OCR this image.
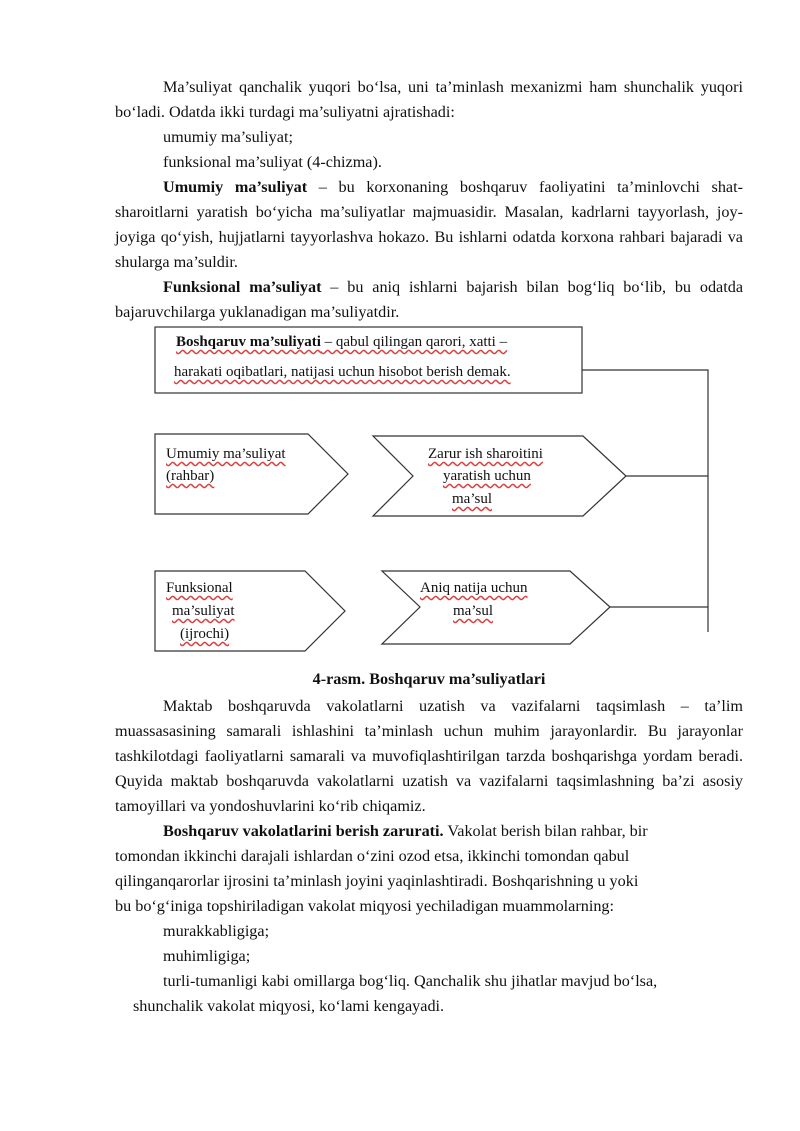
Ma’suliyat qanchalik yuqori bo‘lsa, uni ta’minlash mexanizmi ham shunchalik yuqori bo‘ladi. Odatda ikki turdagi ma’suliyatni ajratishadi:

umumiy ma’suliyat;

funksional ma’suliyat (4-chizma).

Umumiy ma’suliyat – bu korxonaning boshqaruv faoliyatini ta’minlovchi shat-sharoitlarni yaratish bo‘yicha ma’suliyatlar majmuasidir. Masalan, kadrlarni tayyorlash, joy-joyiga qo‘yish, hujjatlarni tayyorlashva hokazo. Bu ishlarni odatda korxona rahbari bajaradi va shularga ma’suldir.

Funksional ma’suliyat – bu aniq ishlarni bajarish bilan bog‘liq bo‘lib, bu odatda bajaruvchilarga yuklanadigan ma’suliyatdir.

Boshqaruv ma’suliyati – qabul qilingan qarori, xatti –
harakati oqibatlari, natijasi uchun hisobot berish demak.
Umumiy ma’suliyat
(rahbar)
Zarur ish sharoitini
yaratish uchun
ma’sul
Funksional
ma’suliyat
(ijrochi)
Aniq natija uchun
ma’sul
4-rasm. Boshqaruv ma’suliyatlari

Maktab boshqaruvda vakolatlarni uzatish va vazifalarni taqsimlash – ta’lim muassasasining samarali ishlashini ta’minlash uchun muhim jarayonlardir. Bu jarayonlar tashkilotdagi faoliyatlarni samarali va muvofiqlashtirilgan tarzda boshqarishga yordam beradi. Quyida maktab boshqaruvda vakolatlarni uzatish va vazifalarni taqsimlashning ba’zi asosiy tamoyillari va yondoshuvlarini ko‘rib chiqamiz.

Boshqaruv vakolatlarini berish zarurati. Vakolat berish bilan rahbar, bir

tomondan ikkinchi darajali ishlardan o‘zini ozod etsa, ikkinchi tomondan qabul

qilinganqarorlar ijrosini ta’minlash joyini yaqinlashtiradi. Boshqarishning u yoki

bu bo‘g‘iniga topshiriladigan vakolat miqyosi yechiladigan muammolarning:

murakkabligiga;

muhimligiga;

turli-tumanligi kabi omillarga bog‘liq. Qanchalik shu jihatlar mavjud bo‘lsa,

shunchalik vakolat miqyosi, ko‘lami kengayadi.
